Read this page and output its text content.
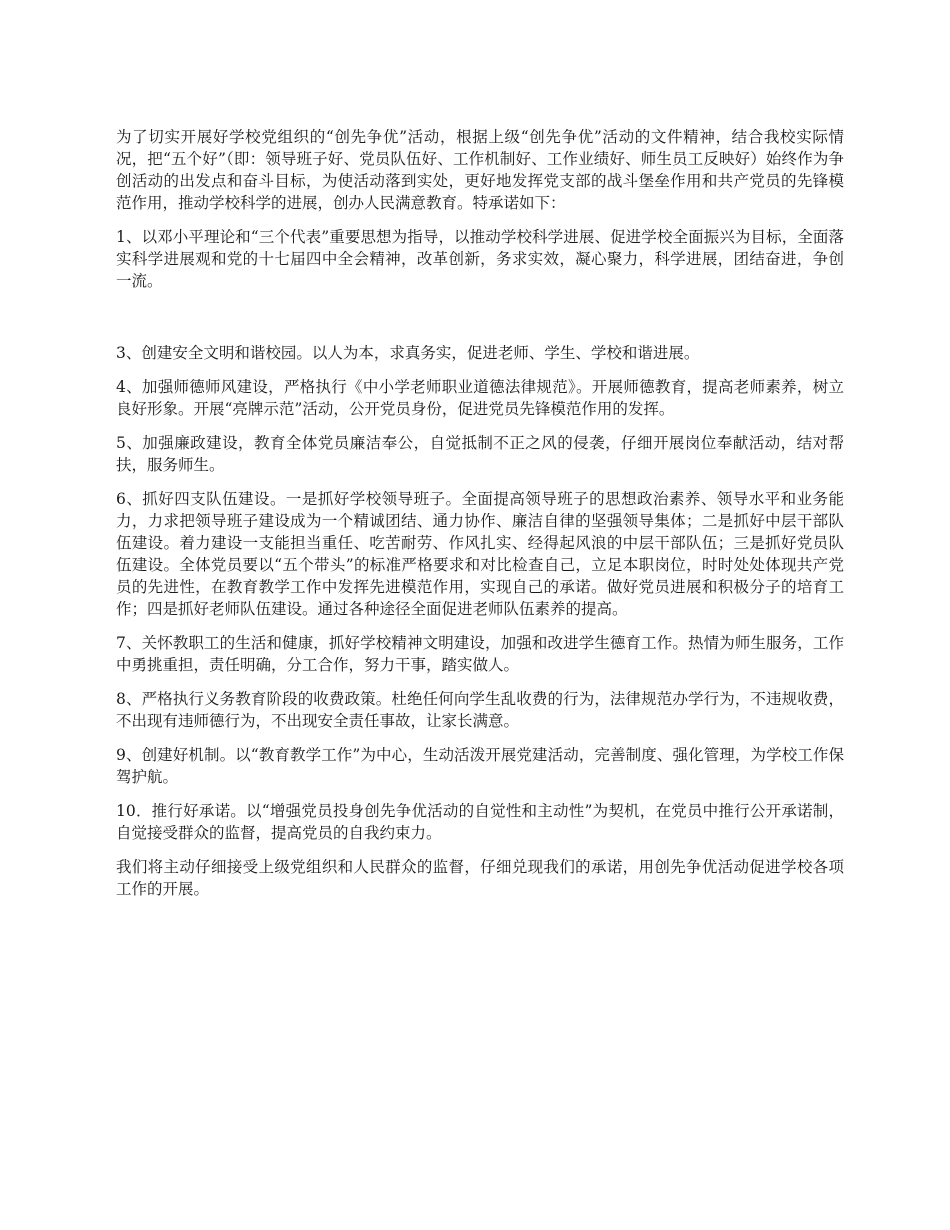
为了切实开展好学校党组织的“创先争优”活动，根据上级“创先争优”活动的文件精神，结合我校实际情况，把“五个好”（即：领导班子好、党员队伍好、工作机制好、工作业绩好、师生员工反映好）始终作为争创活动的出发点和奋斗目标，为使活动落到实处，更好地发挥党支部的战斗堡垒作用和共产党员的先锋模范作用，推动学校科学的进展，创办人民满意教育。特承诺如下：

1、以邓小平理论和“三个代表”重要思想为指导，以推动学校科学进展、促进学校全面振兴为目标，全面落实科学进展观和党的十七届四中全会精神，改革创新，务求实效，凝心聚力，科学进展，团结奋进，争创一流。

3、创建安全文明和谐校园。以人为本，求真务实，促进老师、学生、学校和谐进展。

4、加强师德师风建设，严格执行《中小学老师职业道德法律规范》。开展师德教育，提高老师素养，树立良好形象。开展“亮牌示范”活动，公开党员身份，促进党员先锋模范作用的发挥。

5、加强廉政建设，教育全体党员廉洁奉公，自觉抵制不正之风的侵袭，仔细开展岗位奉献活动，结对帮扶，服务师生。

6、抓好四支队伍建设。一是抓好学校领导班子。全面提高领导班子的思想政治素养、领导水平和业务能力，力求把领导班子建设成为一个精诚团结、通力协作、廉洁自律的坚强领导集体；二是抓好中层干部队伍建设。着力建设一支能担当重任、吃苦耐劳、作风扎实、经得起风浪的中层干部队伍；三是抓好党员队伍建设。全体党员要以“五个带头”的标准严格要求和对比检查自己，立足本职岗位，时时处处体现共产党员的先进性，在教育教学工作中发挥先进模范作用，实现自己的承诺。做好党员进展和积极分子的培育工作；四是抓好老师队伍建设。通过各种途径全面促进老师队伍素养的提高。

7、关怀教职工的生活和健康，抓好学校精神文明建设，加强和改进学生德育工作。热情为师生服务，工作中勇挑重担，责任明确，分工合作，努力干事，踏实做人。

8、严格执行义务教育阶段的收费政策。杜绝任何向学生乱收费的行为，法律规范办学行为，不违规收费，不出现有违师德行为，不出现安全责任事故，让家长满意。

9、创建好机制。以“教育教学工作”为中心，生动活泼开展党建活动，完善制度、强化管理，为学校工作保驾护航。

10．推行好承诺。以“增强党员投身创先争优活动的自觉性和主动性”为契机，在党员中推行公开承诺制，自觉接受群众的监督，提高党员的自我约束力。

我们将主动仔细接受上级党组织和人民群众的监督，仔细兑现我们的承诺，用创先争优活动促进学校各项工作的开展。
